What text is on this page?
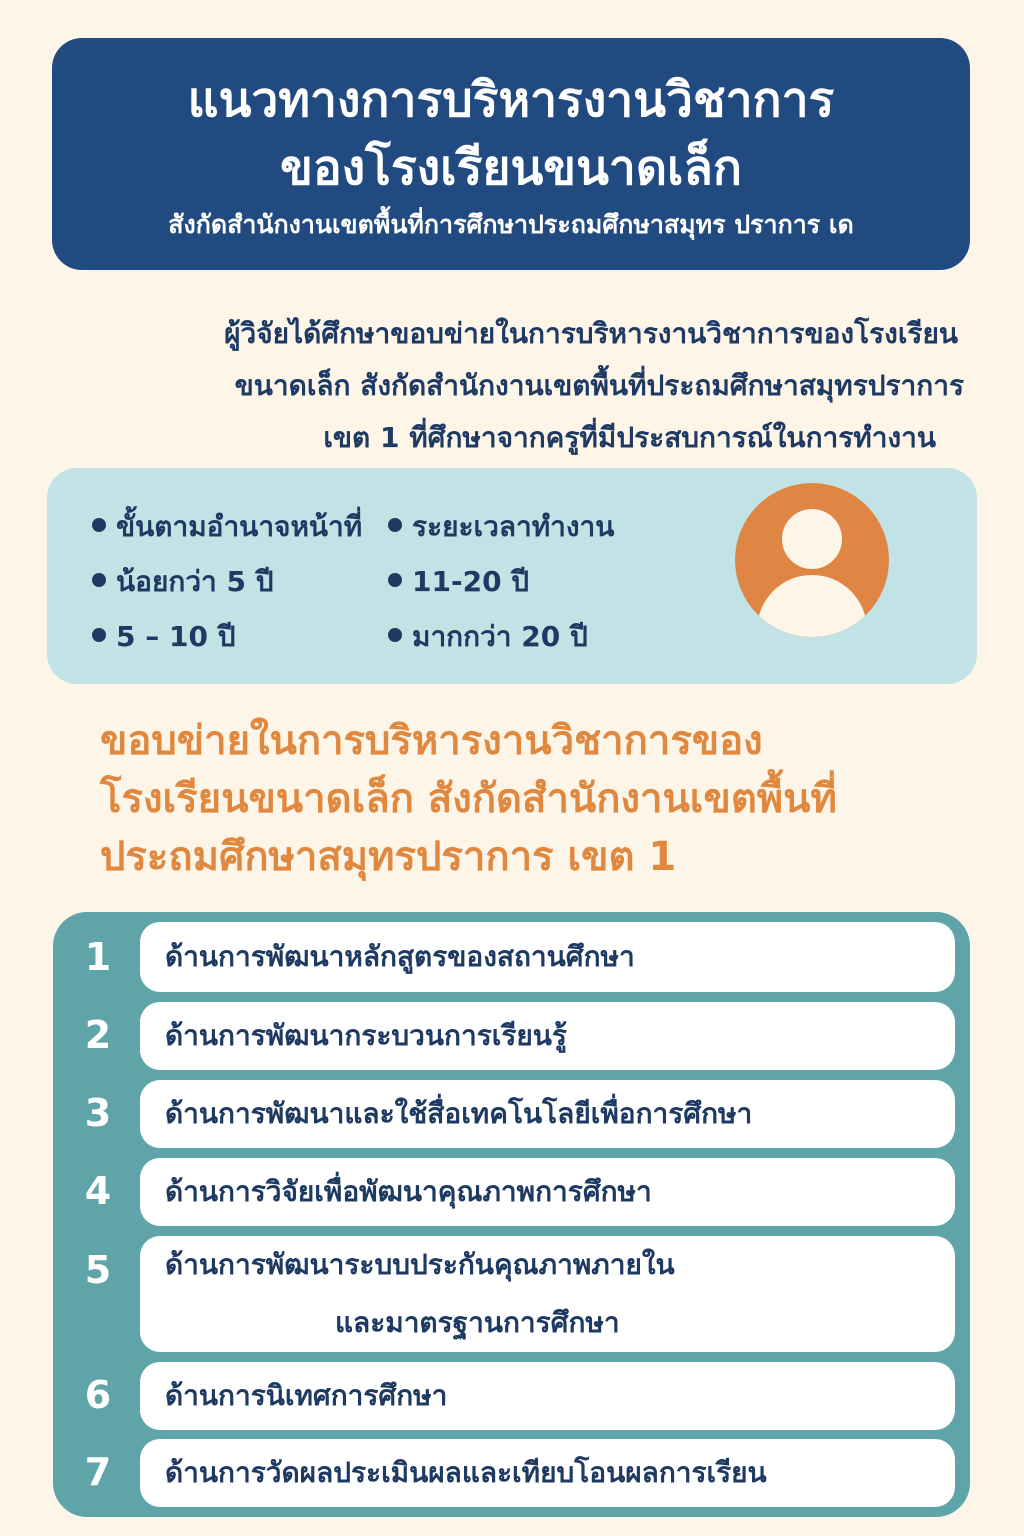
แนวทางการบริหารงานวิชาการ
ของโรงเรียนขนาดเล็ก
สังกัดสำนักงานเขตพื้นที่การศึกษาประถมศึกษาสมุทร ปราการ เด
ผู้วิจัยได้ศึกษาขอบข่ายในการบริหารงานวิชาการของโรงเรียน
ขนาดเล็ก สังกัดสำนักงานเขตพื้นที่ประถมศึกษาสมุทรปราการ
เขต 1 ที่ศึกษาจากครูที่มีประสบการณ์ในการทำงาน
ขั้นตามอำนาจหน้าที่
น้อยกว่า 5 ปี
5 – 10 ปี
ระยะเวลาทำงาน
11-20 ปี
มากกว่า 20 ปี
ขอบข่ายในการบริหารงานวิชาการของ
โรงเรียนขนาดเล็ก สังกัดสำนักงานเขตพื้นที่
ประถมศึกษาสมุทรปราการ เขต 1
1	ด้านการพัฒนาหลักสูตรของสถานศึกษา
2	ด้านการพัฒนากระบวนการเรียนรู้
3	ด้านการพัฒนาและใช้สื่อเทคโนโลยีเพื่อการศึกษา
4	ด้านการวิจัยเพื่อพัฒนาคุณภาพการศึกษา
5	ด้านการพัฒนาระบบประกันคุณภาพภายใน
และมาตรฐานการศึกษา
6	ด้านการนิเทศการศึกษา
7	ด้านการวัดผลประเมินผลและเทียบโอนผลการเรียน
